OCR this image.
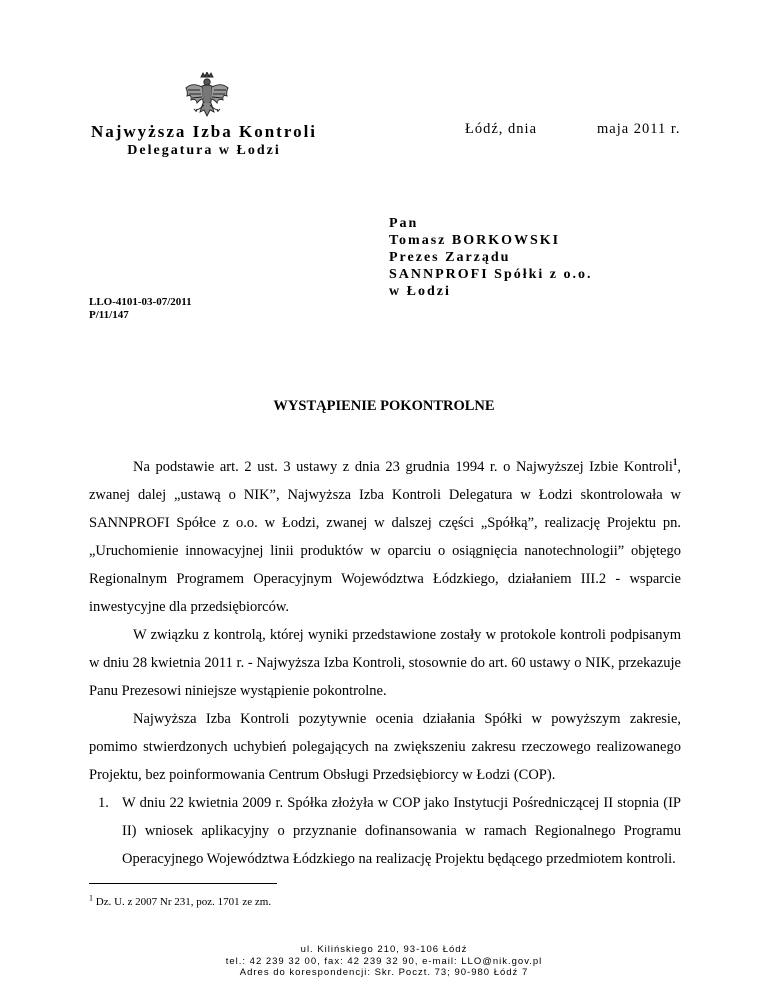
Najwyższa Izba Kontroli
Delegatura w Łodzi
Łódź, dnia	maja 2011 r.
Pan
Tomasz BORKOWSKI
Prezes Zarządu
SANNPROFI Spółki z o.o.
w Łodzi
LLO-4101-03-07/2011
P/11/147
WYSTĄPIENIE POKONTROLNE

Na podstawie art. 2 ust. 3 ustawy z dnia 23 grudnia 1994 r. o Najwyższej Izbie Kontroli$^1$, zwanej dalej „ustawą o NIK”, Najwyższa Izba Kontroli Delegatura w Łodzi skontrolowała w SANNPROFI Spółce z o.o. w Łodzi, zwanej w dalszej części „Spółką”, realizację Projektu pn. „Uruchomienie innowacyjnej linii produktów w oparciu o osiągnięcia nanotechnologii” objętego Regionalnym Programem Operacyjnym Województwa Łódzkiego, działaniem III.2 - wsparcie inwestycyjne dla przedsiębiorców.

W związku z kontrolą, której wyniki przedstawione zostały w protokole kontroli podpisanym w dniu 28 kwietnia 2011 r. - Najwyższa Izba Kontroli, stosownie do art. 60 ustawy o NIK, przekazuje Panu Prezesowi niniejsze wystąpienie pokontrolne.

Najwyższa Izba Kontroli pozytywnie ocenia działania Spółki w powyższym zakresie, pomimo stwierdzonych uchybień polegających na zwiększeniu zakresu rzeczowego realizowanego Projektu, bez poinformowania Centrum Obsługi Przedsiębiorcy w Łodzi (COP).

1. W dniu 22 kwietnia 2009 r. Spółka złożyła w COP jako Instytucji Pośredniczącej II stopnia (IP II) wniosek aplikacyjny o przyznanie dofinansowania w ramach Regionalnego Programu Operacyjnego Województwa Łódzkiego na realizację Projektu będącego przedmiotem kontroli.

$^1$ Dz. U. z 2007 Nr 231, poz. 1701 ze zm.
ul. Kilińskiego 210, 93-106 Łódź
tel.: 42 239 32 00, fax: 42 239 32 90, e-mail: LLO@nik.gov.pl
Adres do korespondencji: Skr. Poczt. 73; 90-980 Łódź 7
